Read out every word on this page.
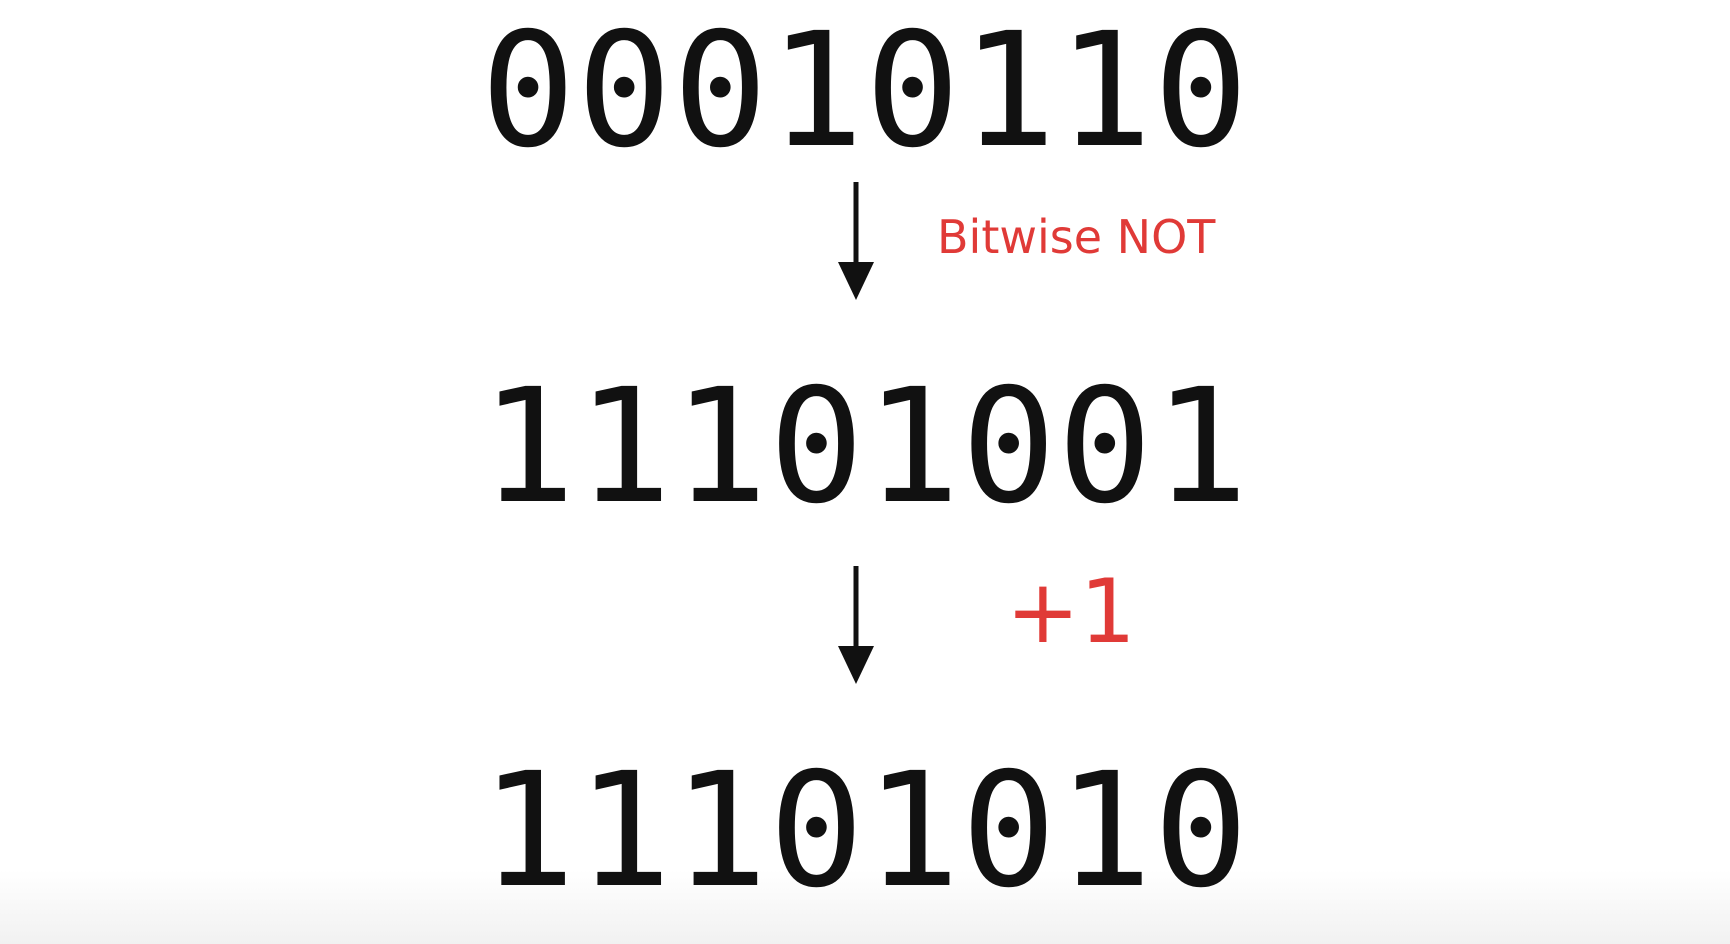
00010110
Bitwise NOT
11101001
+1
11101010
